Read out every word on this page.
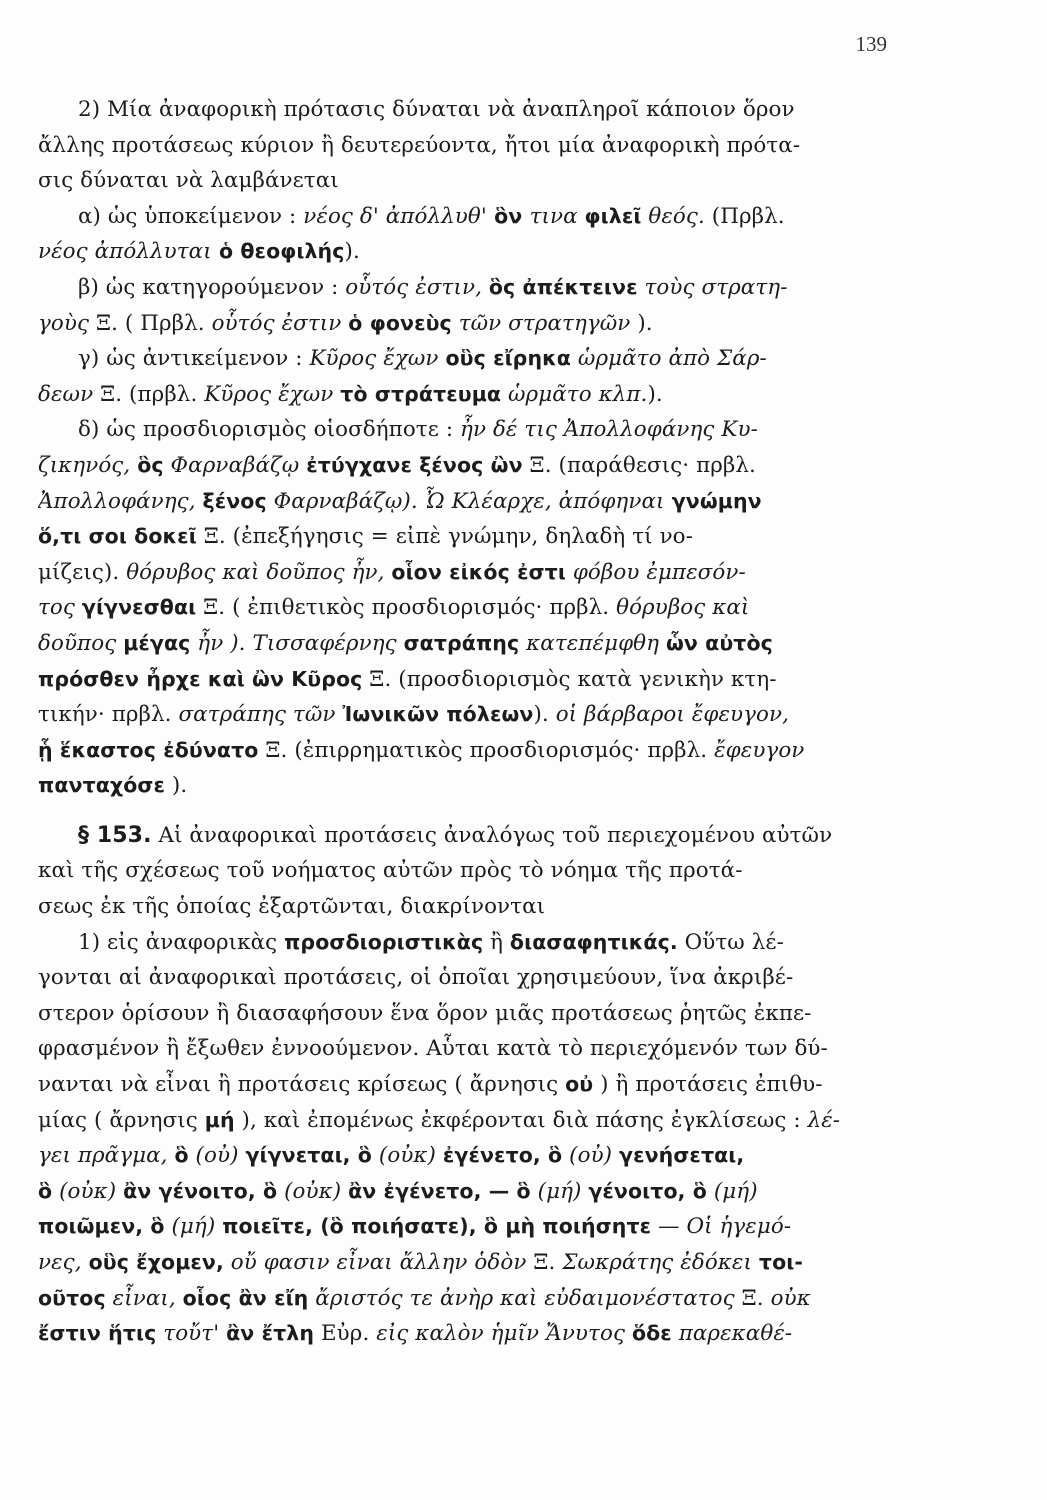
139
2) Μία ἀναφορικὴ πρότασις δύναται νὰ ἀναπληροῖ κάποιον ὅρον
ἄλλης προτάσεως κύριον ἢ δευτερεύοντα, ἤτοι μία ἀναφορικὴ πρότα-
σις δύναται νὰ λαμβάνεται
α) ὡς ὑποκείμενον : νέος δ' ἀπόλλυθ' ὃν τινα φιλεῖ θεός. (Πρβλ.
νέος ἀπόλλυται ὁ θεοφιλής).
β) ὡς κατηγορούμενον : οὗτός ἐστιν, ὃς ἀπέκτεινε τοὺς στρατη-
γοὺς Ξ. ( Πρβλ. οὗτός ἐστιν ὁ φονεὺς τῶν στρατηγῶν ).
γ) ὡς ἀντικείμενον : Κῦρος ἔχων οὓς εἴρηκα ὡρμᾶτο ἀπὸ Σάρ-
δεων Ξ. (πρβλ. Κῦρος ἔχων τὸ στράτευμα ὡρμᾶτο κλπ.).
δ) ὡς προσδιορισμὸς οἱοσδήποτε : ἦν δέ τις Ἀπολλοφάνης Κυ-
ζικηνός, ὃς Φαρναβάζῳ ἐτύγχανε ξένος ὢν Ξ. (παράθεσις· πρβλ.
Ἀπολλοφάνης, ξένος Φαρναβάζῳ). Ὦ Κλέαρχε, ἀπόφηναι γνώμην
ὅ,τι σοι δοκεῖ Ξ. (ἐπεξήγησις = εἰπὲ γνώμην, δηλαδὴ τί νο-
μίζεις). θόρυβος καὶ δοῦπος ἦν, οἷον εἰκός ἐστι φόβου ἐμπεσόν-
τος γίγνεσθαι Ξ. ( ἐπιθετικὸς προσδιορισμός· πρβλ. θόρυβος καὶ
δοῦπος μέγας ἦν ). Τισσαφέρνης σατράπης κατεπέμφθη ὧν αὐτὸς
πρόσθεν ἦρχε καὶ ὢν Κῦρος Ξ. (προσδιορισμὸς κατὰ γενικὴν κτη-
τικήν· πρβλ. σατράπης τῶν Ἰωνικῶν πόλεων). οἱ βάρβαροι ἔφευγον,
ᾗ ἕκαστος ἐδύνατο Ξ. (ἐπιρρηματικὸς προσδιορισμός· πρβλ. ἔφευγον
πανταχόσε ).
§ 153. Αἱ ἀναφορικαὶ προτάσεις ἀναλόγως τοῦ περιεχομένου αὐτῶν
καὶ τῆς σχέσεως τοῦ νοήματος αὐτῶν πρὸς τὸ νόημα τῆς προτά-
σεως ἐκ τῆς ὁποίας ἐξαρτῶνται, διακρίνονται
1) εἰς ἀναφορικὰς προσδιοριστικὰς ἢ διασαφητικάς. Οὕτω λέ-
γονται αἱ ἀναφορικαὶ προτάσεις, οἱ ὁποῖαι χρησιμεύουν, ἵνα ἀκριβέ-
στερον ὁρίσουν ἢ διασαφήσουν ἕνα ὅρον μιᾶς προτάσεως ῥητῶς ἐκπε-
φρασμένον ἢ ἔξωθεν ἐννοούμενον. Αὗται κατὰ τὸ περιεχόμενόν των δύ-
νανται νὰ εἶναι ἢ προτάσεις κρίσεως ( ἄρνησις οὐ ) ἢ προτάσεις ἐπιθυ-
μίας ( ἄρνησις μή ), καὶ ἐπομένως ἐκφέρονται διὰ πάσης ἐγκλίσεως : λέ-
γει πρᾶγμα, ὃ (οὐ) γίγνεται, ὃ (οὐκ) ἐγένετο, ὃ (οὐ) γενήσεται,
ὃ (οὐκ) ἂν γένοιτο, ὃ (οὐκ) ἂν ἐγένετο, — ὃ (μή) γένοιτο, ὃ (μή)
ποιῶμεν, ὃ (μή) ποιεῖτε, (ὃ ποιήσατε), ὃ μὴ ποιήσητε — Οἱ ἡγεμό-
νες, οὓς ἔχομεν, οὔ φασιν εἶναι ἄλλην ὁδὸν Ξ. Σωκράτης ἐδόκει τοι-
οῦτος εἶναι, οἷος ἂν εἴη ἄριστός τε ἀνὴρ καὶ εὐδαιμονέστατος Ξ. οὐκ
ἔστιν ἥτις τοὔτ' ἂν ἔτλη Εὐρ. εἰς καλὸν ἡμῖν Ἄνυτος ὅδε παρεκαθέ-
